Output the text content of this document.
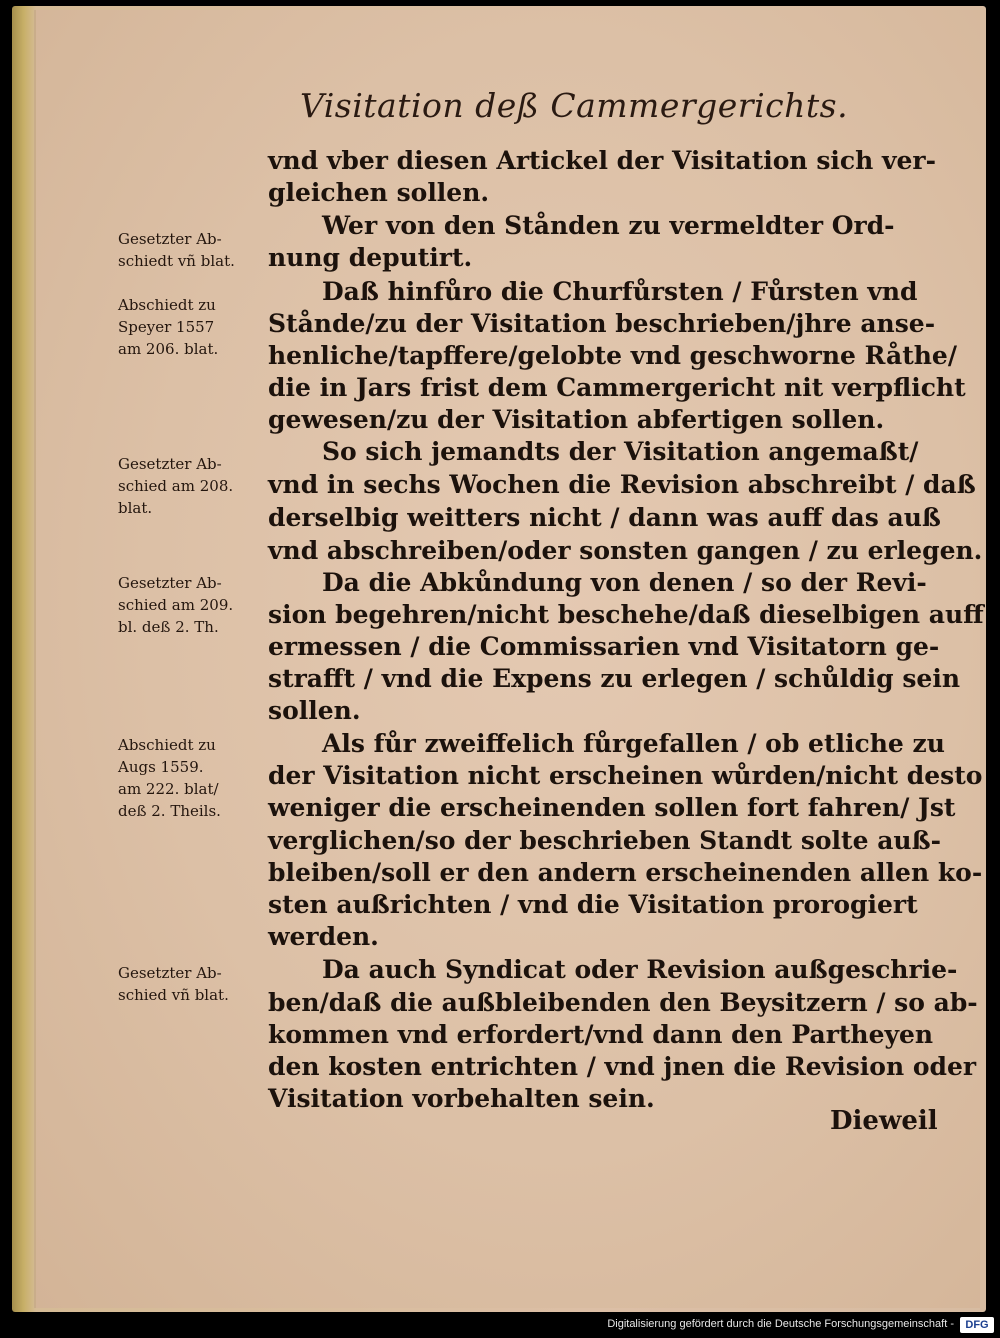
Visitation deß Cammergerichts.
vnd vber diesen Artickel der Visitation sich ver-
gleichen sollen.
Wer von den Stånden zu vermeldter Ord-
nung deputirt.
Daß hinfůro die Churfůrsten / Fůrsten vnd
Stånde/zu der Visitation beschrieben/jhre anse-
henliche/tapffere/gelobte vnd geschworne Råthe/
die in Jars frist dem Cammergericht nit verpflicht
gewesen/zu der Visitation abfertigen sollen.
So sich jemandts der Visitation angemaßt/
vnd in sechs Wochen die Revision abschreibt / daß
derselbig weitters nicht / dann was auff das auß
vnd abschreiben/oder sonsten gangen / zu erlegen.
Da die Abkůndung von denen / so der Revi-
sion begehren/nicht beschehe/daß dieselbigen auff
ermessen / die Commissarien vnd Visitatorn ge-
strafft / vnd die Expens zu erlegen / schůldig sein
sollen.
Als fůr zweiffelich fůrgefallen / ob etliche zu
der Visitation nicht erscheinen wůrden/nicht desto
weniger die erscheinenden sollen fort fahren/ Jst
verglichen/so der beschrieben Standt solte auß-
bleiben/soll er den andern erscheinenden allen ko-
sten außrichten / vnd die Visitation prorogiert
werden.
Da auch Syndicat oder Revision außgeschrie-
ben/daß die außbleibenden den Beysitzern / so ab-
kommen vnd erfordert/vnd dann den Partheyen
den kosten entrichten / vnd jnen die Revision oder
Visitation vorbehalten sein.
Gesetzter Ab-
schiedt vñ blat.
Abschiedt zu
Speyer 1557
am 206. blat.
Gesetzter Ab-
schied am 208.
blat.
Gesetzter Ab-
schied am 209.
bl. deß 2. Th.
Abschiedt zu
Augs 1559.
am 222. blat/
deß 2. Theils.
Gesetzter Ab-
schied vñ blat.
Dieweil
Digitalisierung gefördert durch die Deutsche Forschungsgemeinschaft -	DFG
